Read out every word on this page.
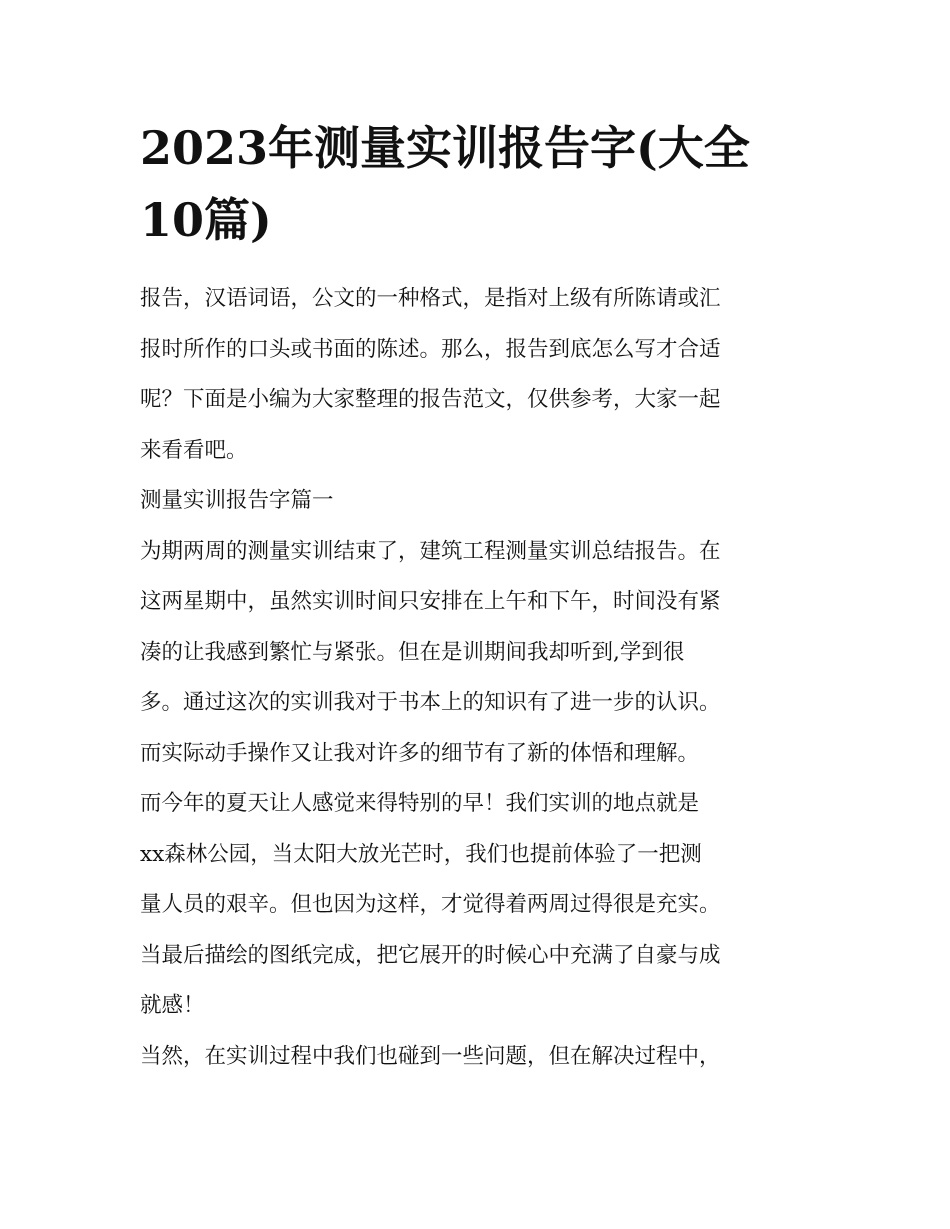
2023年测量实训报告字(大全
10篇)
报告，汉语词语，公文的一种格式，是指对上级有所陈请或汇
报时所作的口头或书面的陈述。那么，报告到底怎么写才合适
呢？下面是小编为大家整理的报告范文，仅供参考，大家一起
来看看吧。
测量实训报告字篇一
为期两周的测量实训结束了，建筑工程测量实训总结报告。在
这两星期中，虽然实训时间只安排在上午和下午，时间没有紧
凑的让我感到繁忙与紧张。但在是训期间我却听到,学到很
多。通过这次的实训我对于书本上的知识有了进一步的认识。
而实际动手操作又让我对许多的细节有了新的体悟和理解。
而今年的夏天让人感觉来得特别的早！我们实训的地点就是
xx森林公园，当太阳大放光芒时，我们也提前体验了一把测
量人员的艰辛。但也因为这样，才觉得着两周过得很是充实。
当最后描绘的图纸完成，把它展开的时候心中充满了自豪与成
就感！
当然，在实训过程中我们也碰到一些问题，但在解决过程中，
